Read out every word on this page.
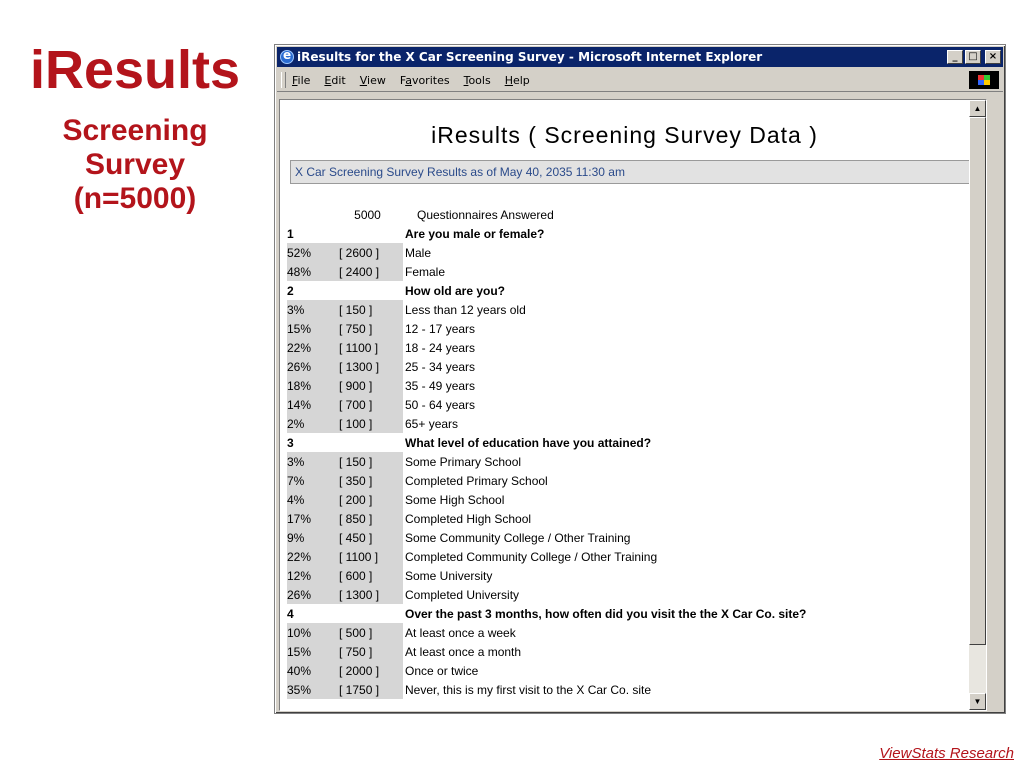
iResults
Screening
Survey
(n=5000)
e
iResults for the X Car Screening Survey - Microsoft Internet Explorer	_	□	×
File Edit View Favorites Tools Help
iResults ( Screening Survey Data )
X Car Screening Survey Results as of May 40, 2035 11:30 am
	5000	Questionnaires Answered
1		Are you male or female?
52%	[ 2600 ]	Male
48%	[ 2400 ]	Female
2		How old are you?
3%	[ 150 ]	Less than 12 years old
15%	[ 750 ]	12 - 17 years
22%	[ 1100 ]	18 - 24 years
26%	[ 1300 ]	25 - 34 years
18%	[ 900 ]	35 - 49 years
14%	[ 700 ]	50 - 64 years
2%	[ 100 ]	65+ years
3		What level of education have you attained?
3%	[ 150 ]	Some Primary School
7%	[ 350 ]	Completed Primary School
4%	[ 200 ]	Some High School
17%	[ 850 ]	Completed High School
9%	[ 450 ]	Some Community College / Other Training
22%	[ 1100 ]	Completed Community College / Other Training
12%	[ 600 ]	Some University
26%	[ 1300 ]	Completed University
4		Over the past 3 months, how often did you visit the the X Car Co. site?
10%	[ 500 ]	At least once a week
15%	[ 750 ]	At least once a month
40%	[ 2000 ]	Once or twice
35%	[ 1750 ]	Never, this is my first visit to the X Car Co. site
▲
▼
ViewStats Research
